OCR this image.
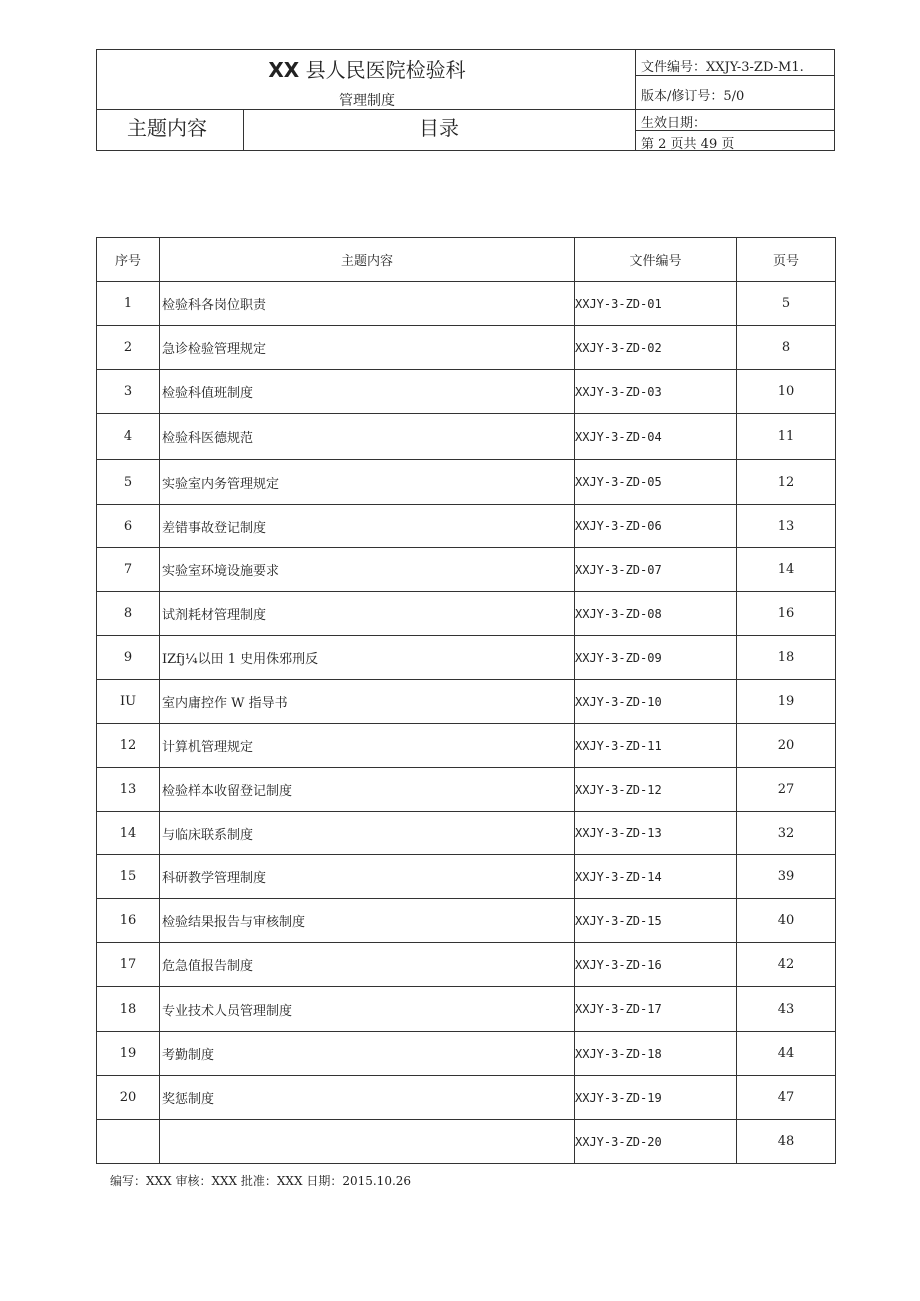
XX 县人民医院检验科
管理制度
文件编号：XXJY-3-ZD-M1.
版本/修订号：5/0
生效日期：
第 2 页共 49 页
主题内容	目录
序号	主题内容	文件编号	页号
1	检验科各岗位职责	XXJY-3-ZD-01	5
2	急诊检验管理规定	XXJY-3-ZD-02	8
3	检验科值班制度	XXJY-3-ZD-03	10
4	检验科医德规范	XXJY-3-ZD-04	11
5	实验室内务管理规定	XXJY-3-ZD-05	12
6	差错事故登记制度	XXJY-3-ZD-06	13
7	实验室环境设施要求	XXJY-3-ZD-07	14
8	试剂耗材管理制度	XXJY-3-ZD-08	16
9	IZfj¼以田 1 史用侏邪刑反	XXJY-3-ZD-09	18
IU	室内庸控作 W 指导书	XXJY-3-ZD-10	19
12	计算机管理规定	XXJY-3-ZD-11	20
13	检验样本收留登记制度	XXJY-3-ZD-12	27
14	与临床联系制度	XXJY-3-ZD-13	32
15	科研教学管理制度	XXJY-3-ZD-14	39
16	检验结果报告与审核制度	XXJY-3-ZD-15	40
17	危急值报告制度	XXJY-3-ZD-16	42
18	专业技术人员管理制度	XXJY-3-ZD-17	43
19	考勤制度	XXJY-3-ZD-18	44
20	奖惩制度	XXJY-3-ZD-19	47
		XXJY-3-ZD-20	48
编写：XXX 审核：XXX 批准：XXX 日期：2015.10.26
